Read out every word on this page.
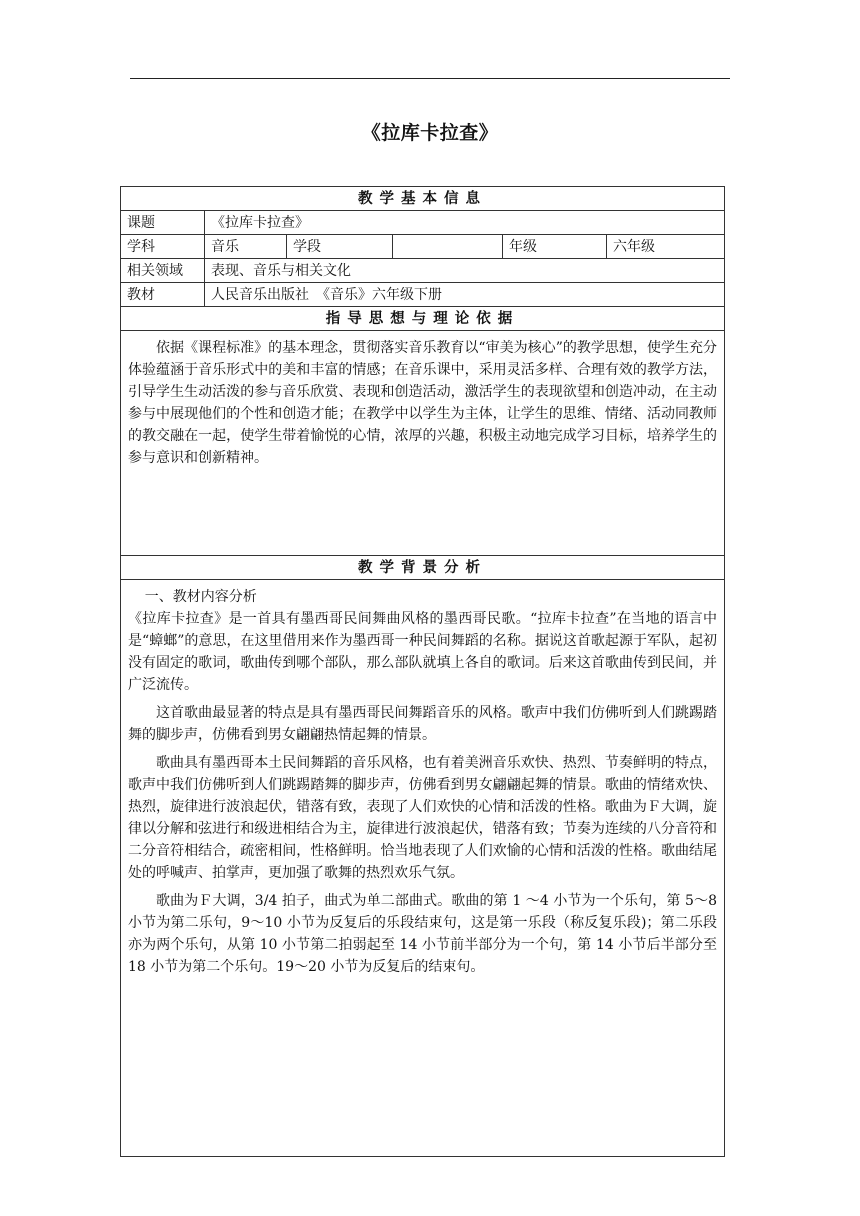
《拉库卡拉查》
教学基本信息					
课题	《拉库卡拉查》				
学科	音乐	学段		年级	六年级
相关领域	表现、音乐与相关文化				
教材	人民音乐出版社　《音乐》六年级下册				
指导思想与理论依据					

依据《课程标准》的基本理念，贯彻落实音乐教育以“审美为核心”的教学思想，使学生充分体验蕴涵于音乐形式中的美和丰富的情感；在音乐课中，采用灵活多样、合理有效的教学方法，引导学生生动活泼的参与音乐欣赏、表现和创造活动，激活学生的表现欲望和创造冲动，在主动参与中展现他们的个性和创造才能；在教学中以学生为主体，让学生的思维、情绪、活动同教师的教交融在一起，使学生带着愉悦的心情，浓厚的兴趣，积极主动地完成学习目标，培养学生的参与意识和创新精神。					

教学背景分析					

一、教材内容分析

《拉库卡拉查》是一首具有墨西哥民间舞曲风格的墨西哥民歌。“拉库卡拉查”在当地的语言中是“蟑螂”的意思，在这里借用来作为墨西哥一种民间舞蹈的名称。据说这首歌起源于军队，起初没有固定的歌词，歌曲传到哪个部队，那么部队就填上各自的歌词。后来这首歌曲传到民间，并广泛流传。

这首歌曲最显著的特点是具有墨西哥民间舞蹈音乐的风格。歌声中我们仿佛听到人们跳踢踏舞的脚步声，仿佛看到男女翩翩热情起舞的情景。

歌曲具有墨西哥本土民间舞蹈的音乐风格，也有着美洲音乐欢快、热烈、节奏鲜明的特点，歌声中我们仿佛听到人们跳踢踏舞的脚步声，仿佛看到男女翩翩起舞的情景。歌曲的情绪欢快、热烈，旋律进行波浪起伏，错落有致，表现了人们欢快的心情和活泼的性格。歌曲为Ｆ大调，旋律以分解和弦进行和级进相结合为主，旋律进行波浪起伏，错落有致；节奏为连续的八分音符和二分音符相结合，疏密相间，性格鲜明。恰当地表现了人们欢愉的心情和活泼的性格。歌曲结尾处的呼喊声、拍掌声，更加强了歌舞的热烈欢乐气氛。

歌曲为Ｆ大调，3/4 拍子，曲式为单二部曲式。歌曲的第 1 ～4 小节为一个乐句，第 5～8 小节为第二乐句，9～10 小节为反复后的乐段结束句，这是第一乐段（称反复乐段)；第二乐段亦为两个乐句，从第 10 小节第二拍弱起至 14 小节前半部分为一个句，第 14 小节后半部分至 18 小节为第二个乐句。19～20 小节为反复后的结束句。					
